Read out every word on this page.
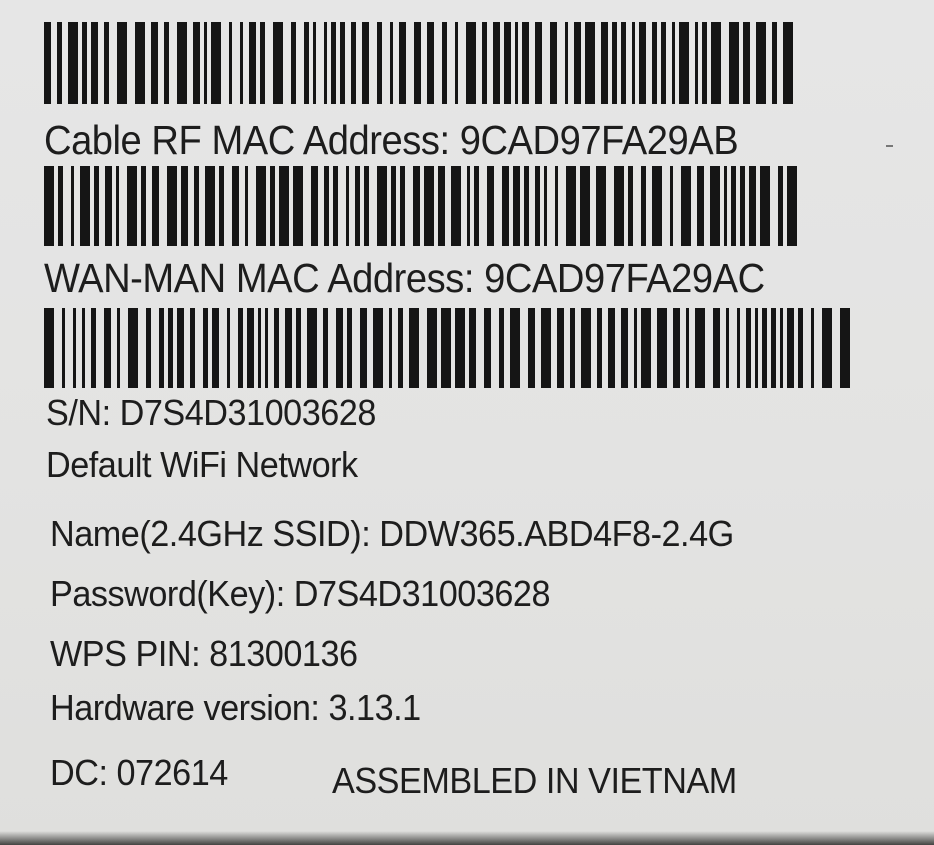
Cable RF MAC Address: 9CAD97FA29AB
WAN-MAN MAC Address: 9CAD97FA29AC
S/N: D7S4D31003628
Default WiFi Network
Name(2.4GHz SSID): DDW365.ABD4F8-2.4G
Password(Key): D7S4D31003628
WPS PIN: 81300136
Hardware version: 3.13.1
DC: 072614	ASSEMBLED IN VIETNAM
